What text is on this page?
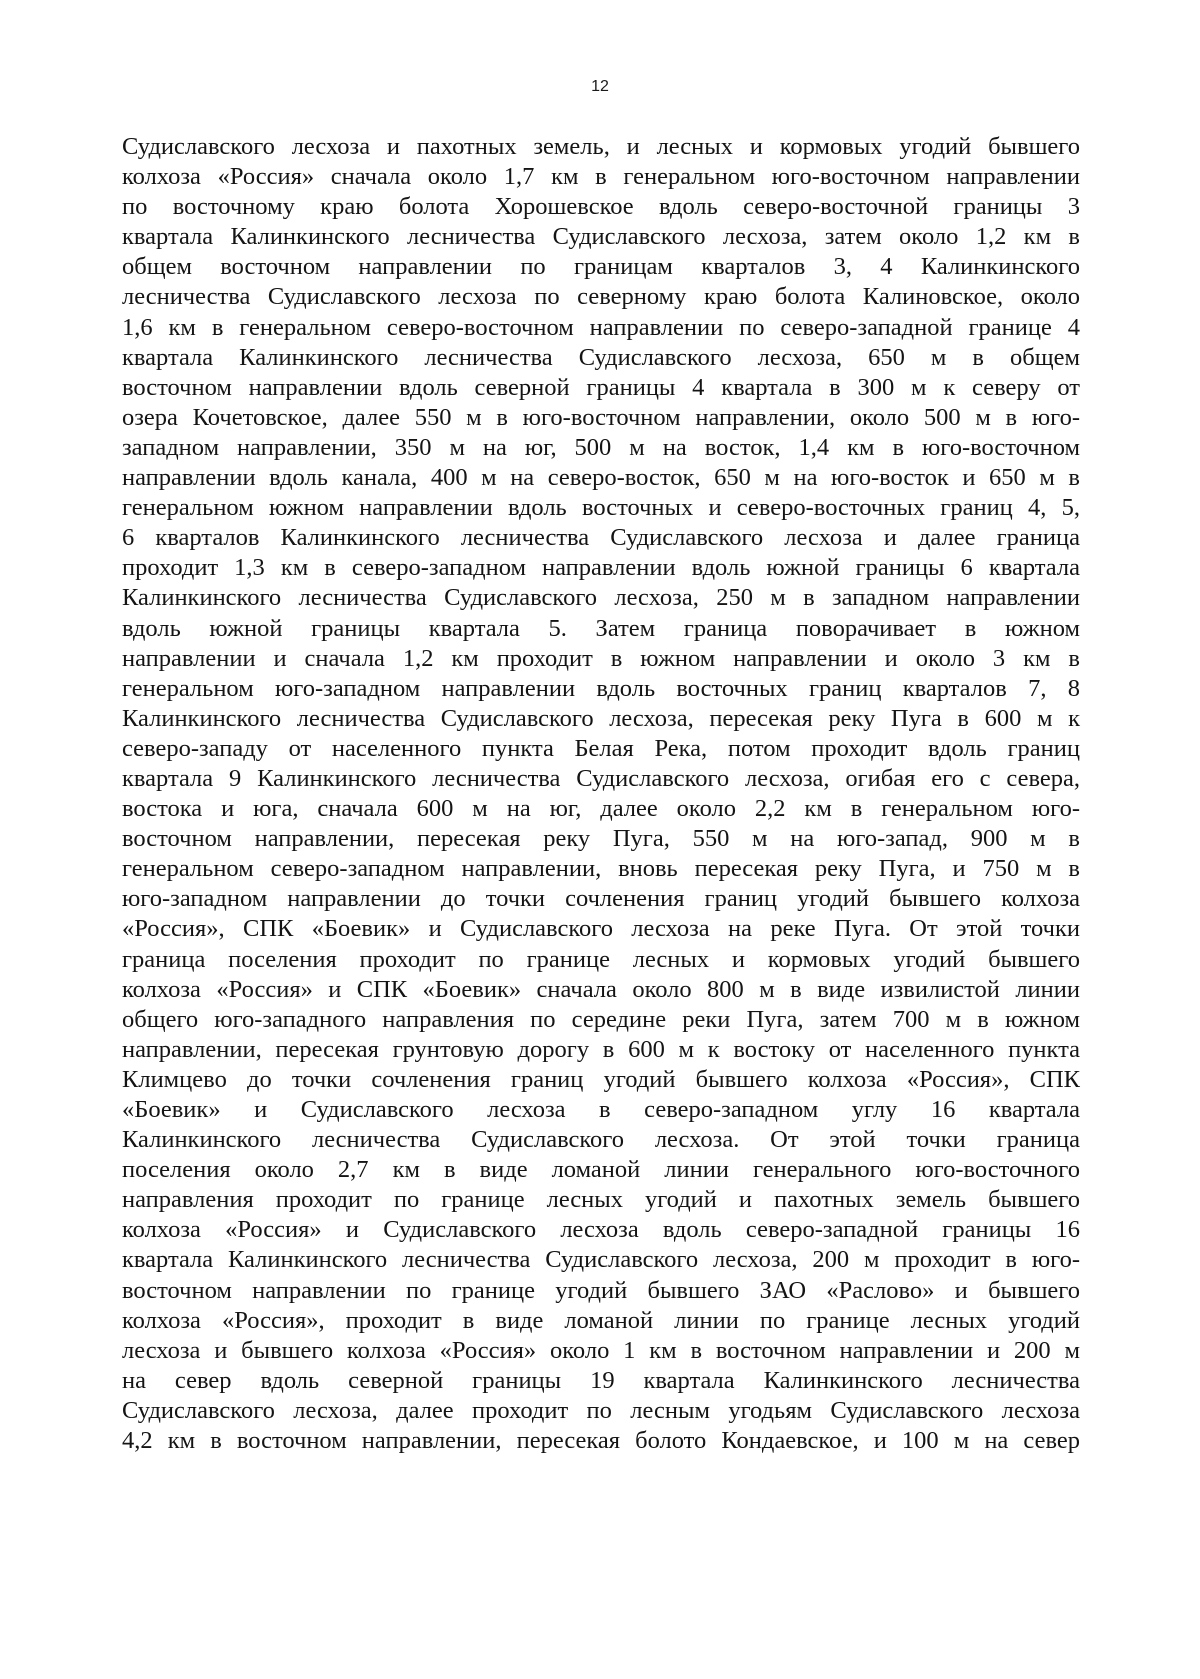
12
Судиславского лесхоза и пахотных земель, и лесных и кормовых угодий бывшего
колхоза «Россия» сначала около 1,7 км в генеральном юго-восточном направлении
по восточному краю болота Хорошевское вдоль северо-восточной границы 3
квартала Калинкинского лесничества Судиславского лесхоза, затем около 1,2 км в
общем восточном направлении по границам кварталов 3, 4 Калинкинского
лесничества Судиславского лесхоза по северному краю болота Калиновское, около
1,6 км в генеральном северо-восточном направлении по северо-западной границе 4
квартала Калинкинского лесничества Судиславского лесхоза, 650 м в общем
восточном направлении вдоль северной границы 4 квартала в 300 м к северу от
озера Кочетовское, далее 550 м в юго-восточном направлении, около 500 м в юго-
западном направлении, 350 м на юг, 500 м на восток, 1,4 км в юго-восточном
направлении вдоль канала, 400 м на северо-восток, 650 м на юго-восток и 650 м в
генеральном южном направлении вдоль восточных и северо-восточных границ 4, 5,
6 кварталов Калинкинского лесничества Судиславского лесхоза и далее граница
проходит 1,3 км в северо-западном направлении вдоль южной границы 6 квартала
Калинкинского лесничества Судиславского лесхоза, 250 м в западном направлении
вдоль южной границы квартала 5. Затем граница поворачивает в южном
направлении и сначала 1,2 км проходит в южном направлении и около 3 км в
генеральном юго-западном направлении вдоль восточных границ кварталов 7, 8
Калинкинского лесничества Судиславского лесхоза, пересекая реку Пуга в 600 м к
северо-западу от населенного пункта Белая Река, потом проходит вдоль границ
квартала 9 Калинкинского лесничества Судиславского лесхоза, огибая его с севера,
востока и юга, сначала 600 м на юг, далее около 2,2 км в генеральном юго-
восточном направлении, пересекая реку Пуга, 550 м на юго-запад, 900 м в
генеральном северо-западном направлении, вновь пересекая реку Пуга, и 750 м в
юго-западном направлении до точки сочленения границ угодий бывшего колхоза
«Россия», СПК «Боевик» и Судиславского лесхоза на реке Пуга. От этой точки
граница поселения проходит по границе лесных и кормовых угодий бывшего
колхоза «Россия» и СПК «Боевик» сначала около 800 м в виде извилистой линии
общего юго-западного направления по середине реки Пуга, затем 700 м в южном
направлении, пересекая грунтовую дорогу в 600 м к востоку от населенного пункта
Климцево до точки сочленения границ угодий бывшего колхоза «Россия», СПК
«Боевик» и Судиславского лесхоза в северо-западном углу 16 квартала
Калинкинского лесничества Судиславского лесхоза. От этой точки граница
поселения около 2,7 км в виде ломаной линии генерального юго-восточного
направления проходит по границе лесных угодий и пахотных земель бывшего
колхоза «Россия» и Судиславского лесхоза вдоль северо-западной границы 16
квартала Калинкинского лесничества Судиславского лесхоза, 200 м проходит в юго-
восточном направлении по границе угодий бывшего ЗАО «Раслово» и бывшего
колхоза «Россия», проходит в виде ломаной линии по границе лесных угодий
лесхоза и бывшего колхоза «Россия» около 1 км в восточном направлении и 200 м
на север вдоль северной границы 19 квартала Калинкинского лесничества
Судиславского лесхоза, далее проходит по лесным угодьям Судиславского лесхоза
4,2 км в восточном направлении, пересекая болото Кондаевское, и 100 м на север
